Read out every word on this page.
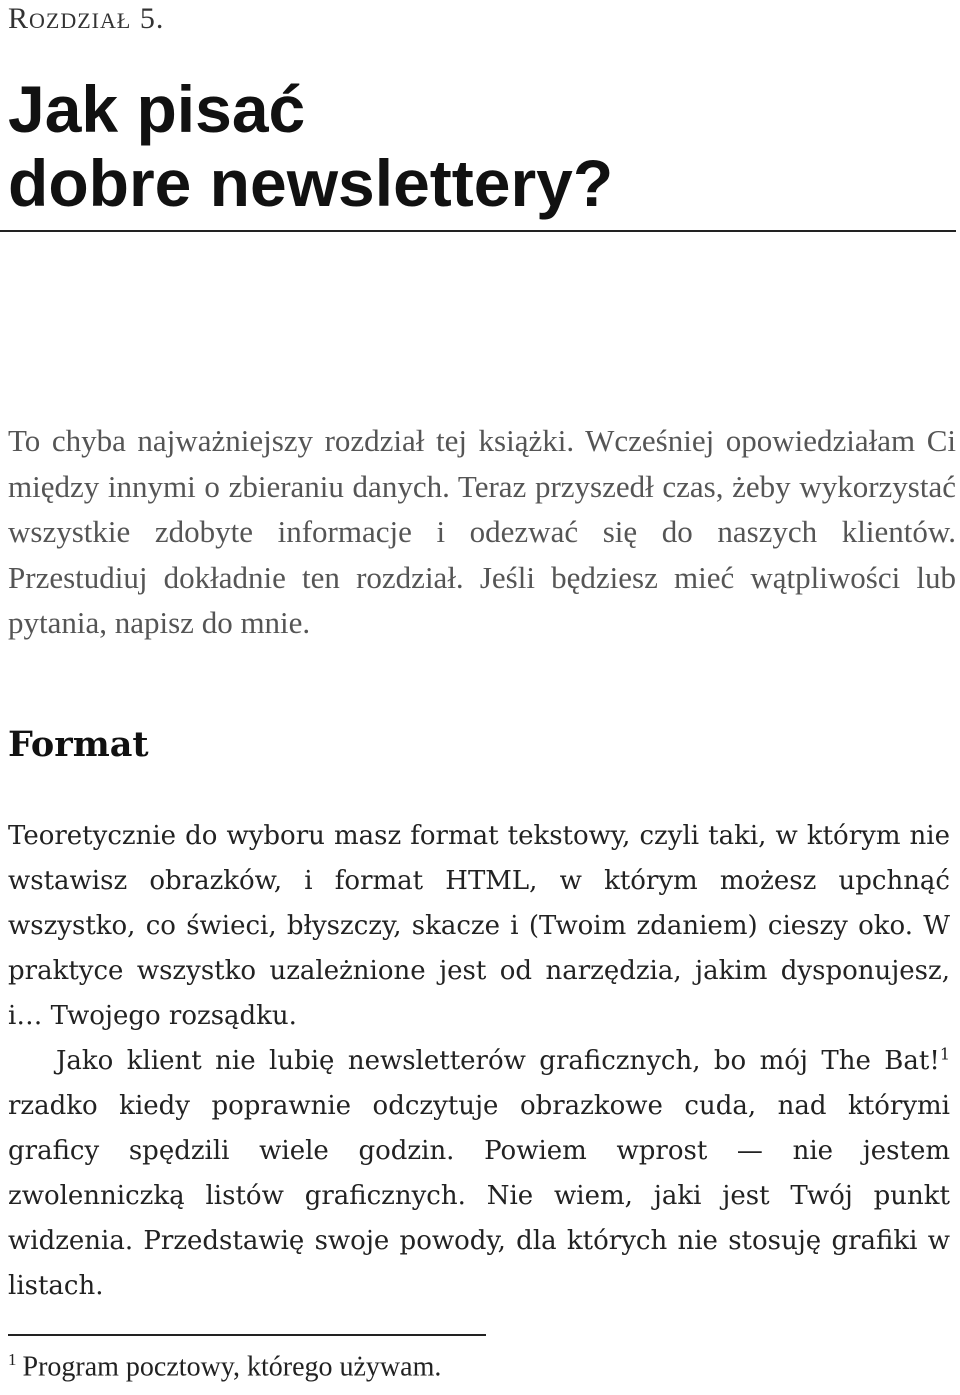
ROZDZIAŁ 5.
Jak pisać
dobre newslettery?

To chyba najważniejszy rozdział tej książki. Wcześniej opowiedziałam Ci między innymi o zbieraniu danych. Teraz przyszedł czas, żeby wykorzystać wszystkie zdobyte informacje i odezwać się do naszych klientów. Przestudiuj dokładnie ten rozdział. Jeśli będziesz mieć wątpliwości lub pytania, napisz do mnie.

Format

Teoretycznie do wyboru masz format tekstowy, czyli taki, w którym nie wstawisz obrazków, i format HTML, w którym możesz upchnąć wszystko, co świeci, błyszczy, skacze i (Twoim zdaniem) cieszy oko. W praktyce wszystko uzależnione jest od narzędzia, jakim dysponujesz, i… Twojego rozsądku.

Jako klient nie lubię newsletterów graficznych, bo mój The Bat!$^1$ rzadko kiedy poprawnie odczytuje obrazkowe cuda, nad którymi graficy spędzili wiele godzin. Powiem wprost — nie jestem zwolenniczką listów graficznych. Nie wiem, jaki jest Twój punkt widzenia. Przedstawię swoje powody, dla których nie stosuję grafiki w listach.

$^1$ Program pocztowy, którego używam.
